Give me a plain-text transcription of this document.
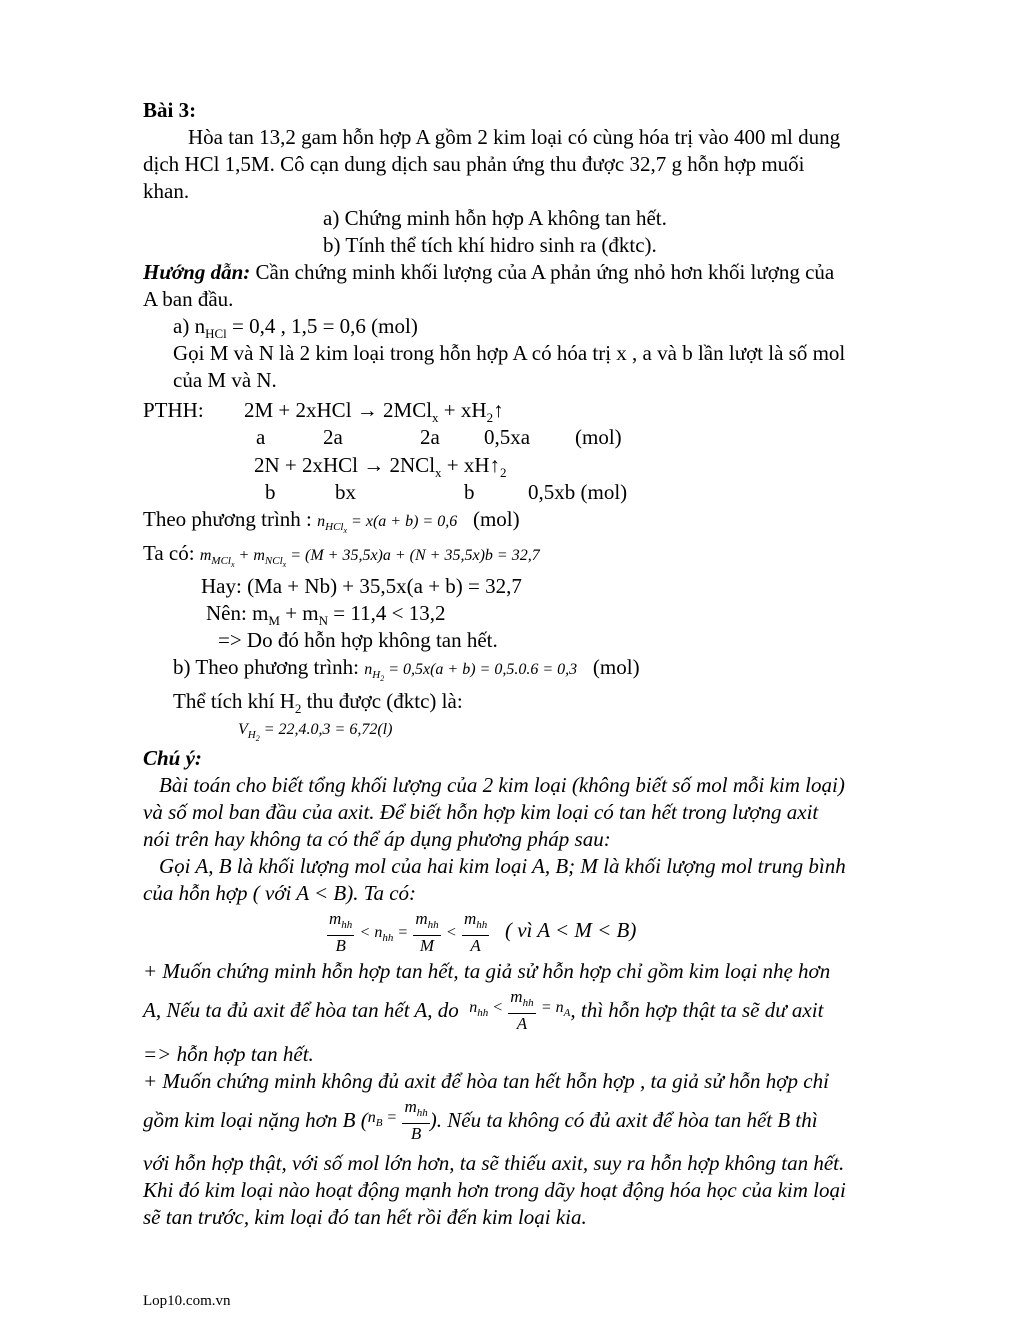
Bài 3:
Hòa tan 13,2 gam hỗn hợp A gồm 2 kim loại có cùng hóa trị vào 400 ml dung
dịch HCl 1,5M. Cô cạn dung dịch sau phản ứng thu được 32,7 g hỗn hợp muối
khan.
a) Chứng minh hỗn hợp A không tan hết.
b) Tính thể tích khí hidro sinh ra (đktc).
Hướng dẫn: Cần chứng minh khối lượng của A phản ứng nhỏ hơn khối lượng của
A ban đầu.
a) $n_{HCl} = 0,4$ , 1,5 = 0,6 (mol)
Gọi M và N là 2 kim loại trong hỗn hợp A có hóa trị x , a và b lần lượt là số mol
của M và N.
PTHH: 2M + 2xHCl → $2MCl_x + xH_2↑$
a	2a	2a 0,5xa (mol)
2N + 2xHCl → $2NCl_x + xH↑_2$
b	bx	b	0,5xb (mol)
Theo phương trình : $n_{HCl_x} = x(a + b) = 0,6$ (mol)
Ta có: $m_{MCl_x} + m_{NCl_x} = (M + 35,5x)a + (N + 35,5x)b = 32,7$
Hay: (Ma + Nb) + 35,5x(a + b) = 32,7
Nên: $m_M + m_N = 11,4 < 13,2$
=> Do đó hỗn hợp không tan hết.
b) Theo phương trình: $n_{H_2} = 0,5x(a + b) = 0,5.0.6 = 0,3$ (mol)
Thể tích khí $H_2$ thu được (đktc) là:
$V_{H_2} = 22,4.0,3 = 6,72(l)$
Chú ý:
Bài toán cho biết tổng khối lượng của 2 kim loại (không biết số mol mỗi kim loại)
và số mol ban đầu của axit. Để biết hỗn hợp kim loại có tan hết trong lượng axit
nói trên hay không ta có thể áp dụng phương pháp sau:
Gọi A, B là khối lượng mol của hai kim loại A, B; M là khối lượng mol trung bình
của hỗn hợp ( với A < B). Ta có:
$\frac{m_{hh}}{B} < n_{hh} = \frac{m_{hh}}{M} < \frac{m_{hh}}{A}$ ( vì A < M < B)
+ Muốn chứng minh hỗn hợp tan hết, ta giả sử hỗn hợp chỉ gồm kim loại nhẹ hơn
A, Nếu ta đủ axit để hòa tan hết A, do $n_{hh} < \frac{m_{hh}}{A} = n_A$, thì hỗn hợp thật ta sẽ dư axit
=> hỗn hợp tan hết.
+ Muốn chứng minh không đủ axit để hòa tan hết hỗn hợp , ta giả sử hỗn hợp chỉ
gồm kim loại nặng hơn B ($n_B = \frac{m_{hh}}{B}$ ). Nếu ta không có đủ axit để hòa tan hết B thì
với hỗn hợp thật, với số mol lớn hơn, ta sẽ thiếu axit, suy ra hỗn hợp không tan hết.
Khi đó kim loại nào hoạt động mạnh hơn trong dãy hoạt động hóa học của kim loại
sẽ tan trước, kim loại đó tan hết rồi đến kim loại kia.
Lop10.com.vn
